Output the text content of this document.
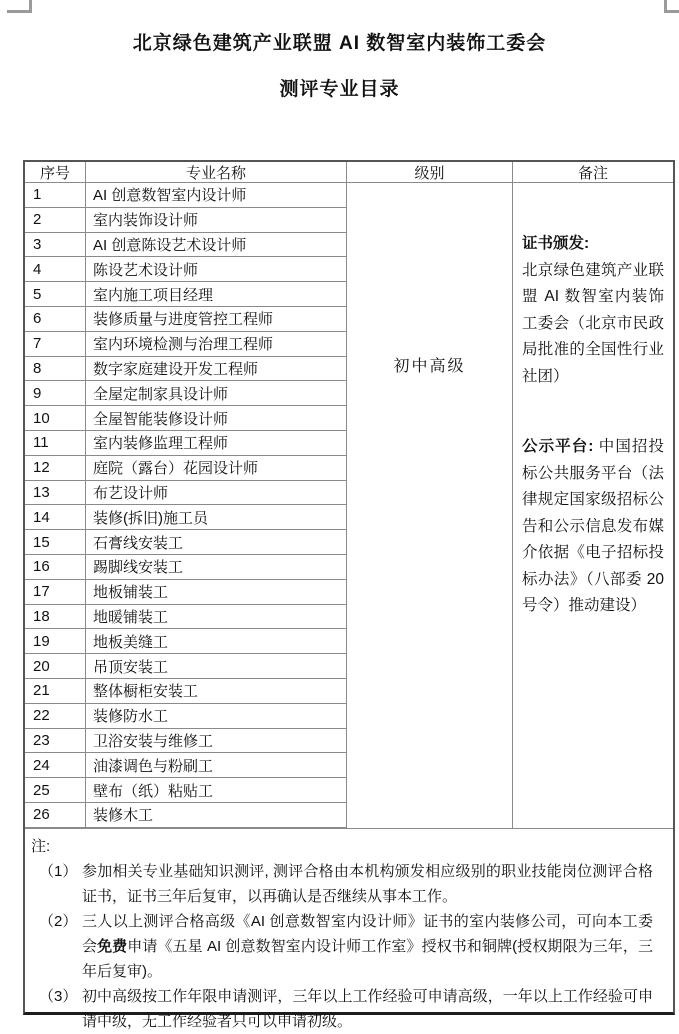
北京绿色建筑产业联盟 AI 数智室内装饰工委会
测评专业目录
序号	专业名称	级别	备注
1	AI 创意数智室内设计师
2	室内装饰设计师
3	AI 创意陈设艺术设计师
4	陈设艺术设计师
5	室内施工项目经理
6	装修质量与进度管控工程师
7	室内环境检测与治理工程师
8	数字家庭建设开发工程师
9	全屋定制家具设计师
10	全屋智能装修设计师
11	室内装修监理工程师
12	庭院（露台）花园设计师
13	布艺设计师
14	装修(拆旧)施工员
15	石膏线安装工
16	踢脚线安装工
17	地板铺装工
18	地暖铺装工
19	地板美缝工
20	吊顶安装工
21	整体橱柜安装工
22	装修防水工
23	卫浴安装与维修工
24	油漆调色与粉刷工
25	壁布（纸）粘贴工
26	装修木工
初中高级

证书颁发:
北京绿色建筑产业联盟 AI 数智室内装饰工委会（北京市民政局批准的全国性行业社团）

公示平台: 中国招投标公共服务平台（法律规定国家级招标公告和公示信息发布媒介依据《电子招标投标办法》（八部委 20 号令）推动建设）

注:
（1） 参加相关专业基础知识测评, 测评合格由本机构颁发相应级别的职业技能岗位测评合格证书，证书三年后复审，以再确认是否继续从事本工作。
（2） 三人以上测评合格高级《AI 创意数智室内设计师》证书的室内装修公司，可向本工委会免费申请《五星 AI 创意数智室内设计师工作室》授权书和铜牌(授权期限为三年，三年后复审)。
（3） 初中高级按工作年限申请测评，三年以上工作经验可申请高级，一年以上工作经验可申请中级，无工作经验者只可以申请初级。
